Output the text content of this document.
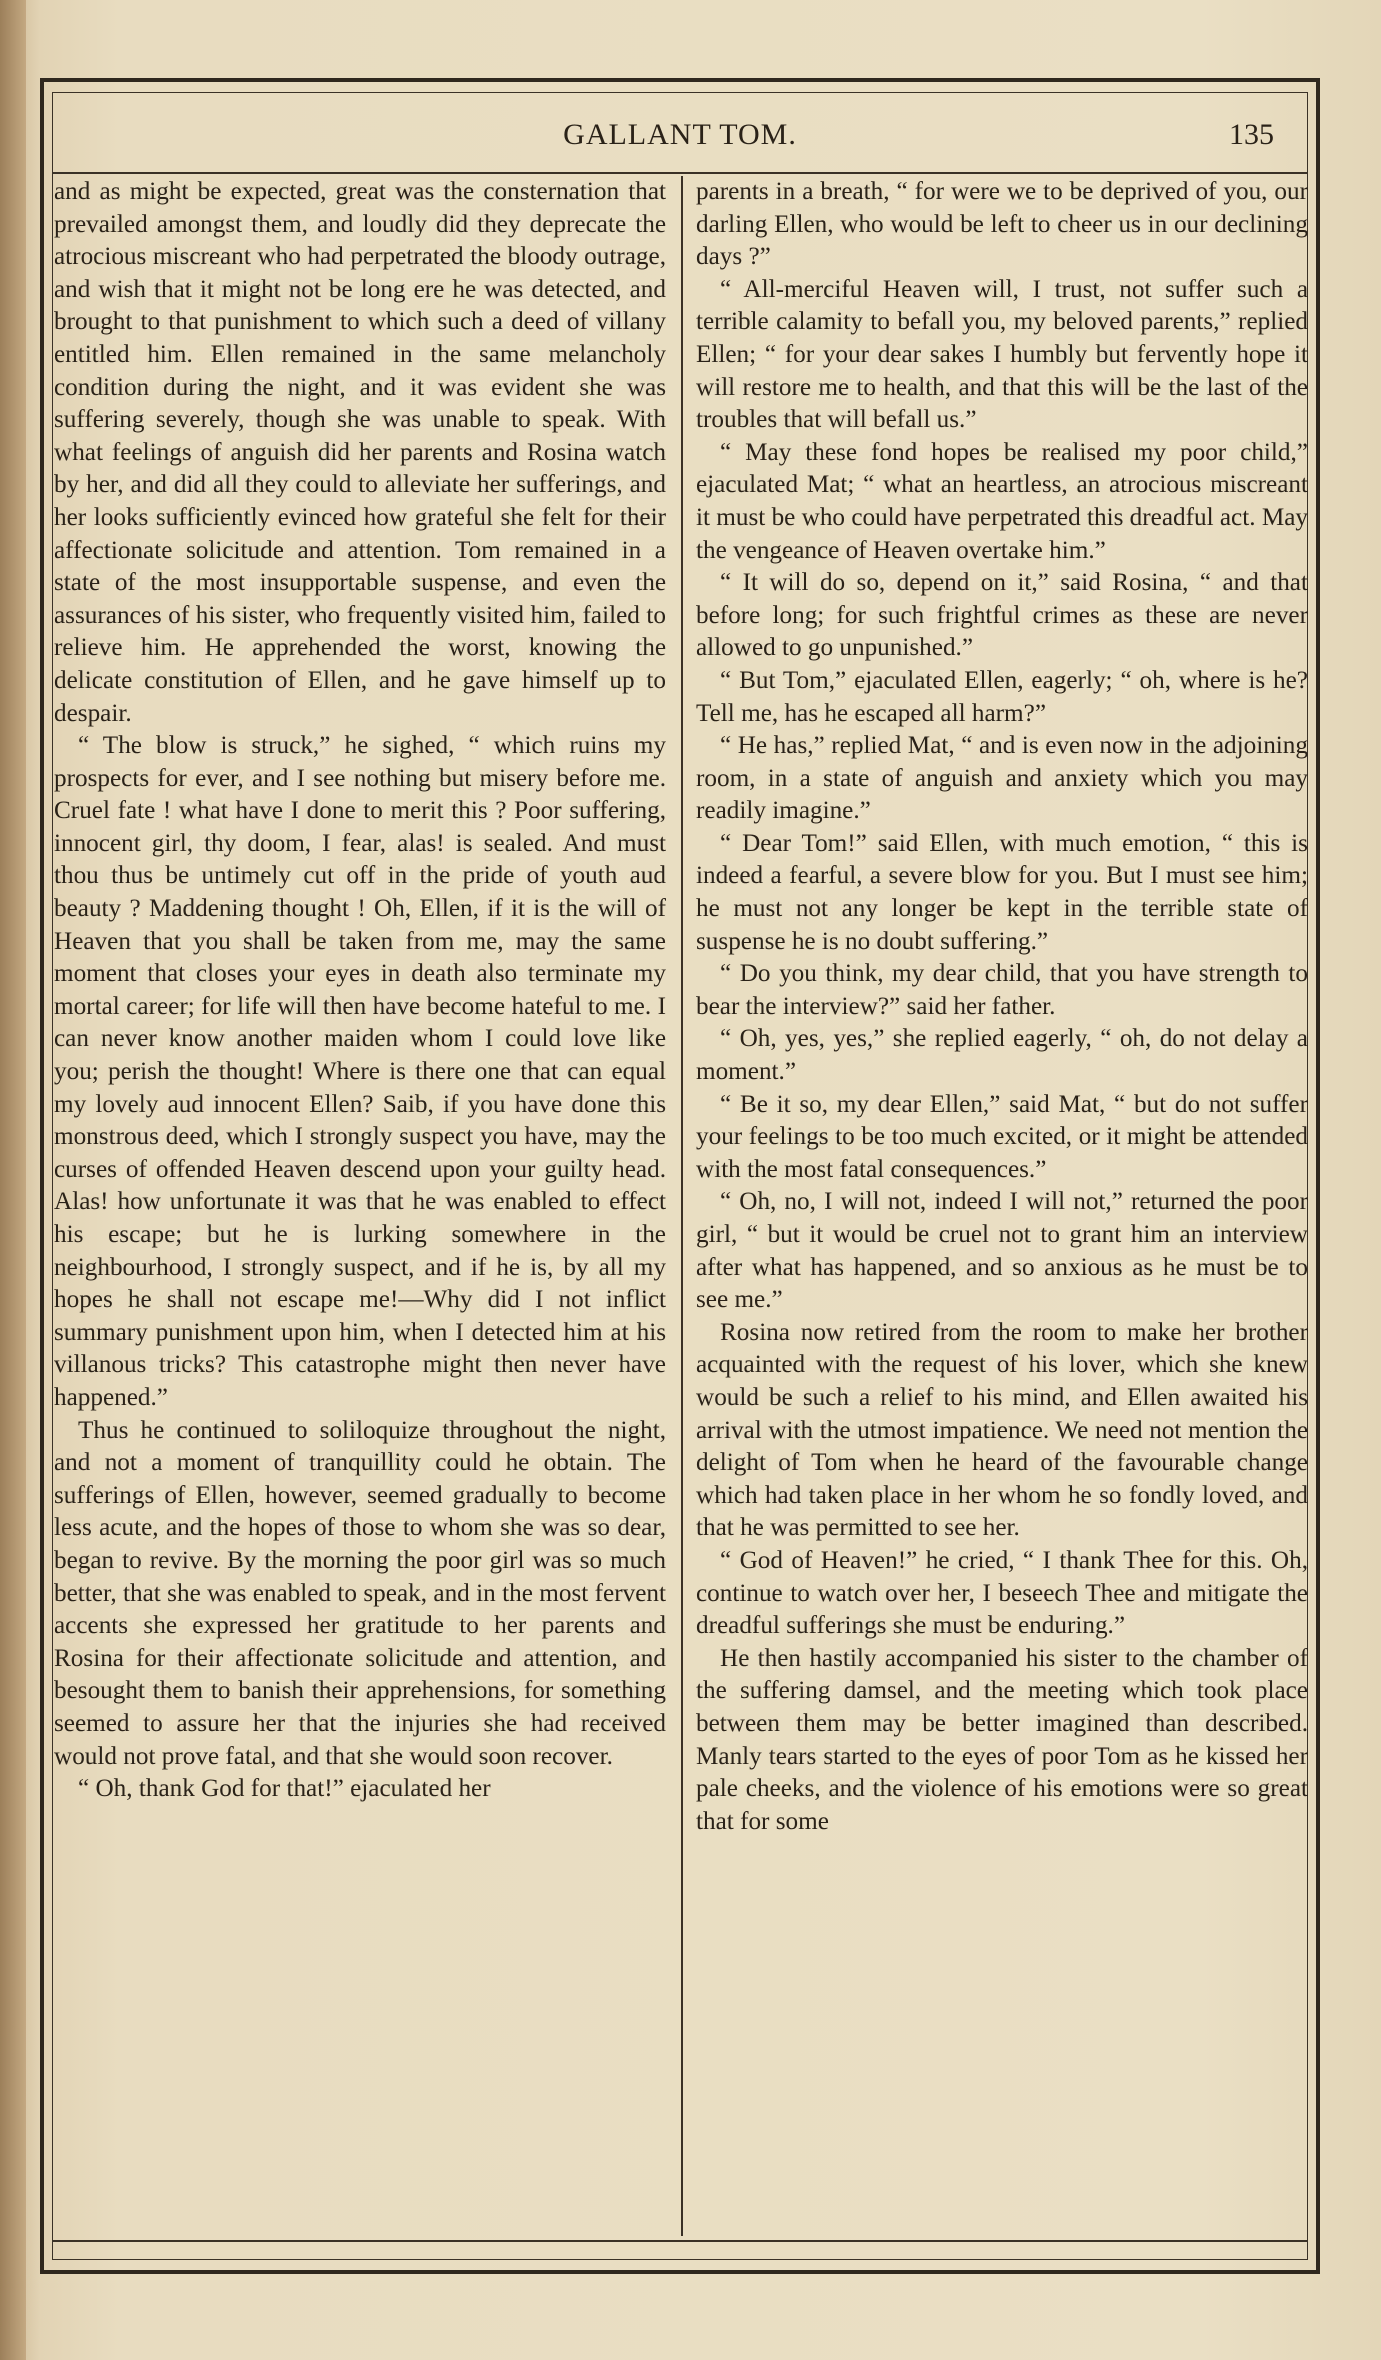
GALLANT TOM.	135

and as might be expected, great was the consternation that prevailed amongst them, and loudly did they deprecate the atrocious miscreant who had perpetrated the bloody outrage, and wish that it might not be long ere he was detected, and brought to that punishment to which such a deed of villany entitled him. Ellen remained in the same melancholy condition during the night, and it was evident she was suffering severely, though she was unable to speak. With what feelings of anguish did her parents and Rosina watch by her, and did all they could to alleviate her sufferings, and her looks sufficiently evinced how grateful she felt for their affectionate solicitude and attention. Tom remained in a state of the most insupportable suspense, and even the assurances of his sister, who frequently visited him, failed to relieve him. He apprehended the worst, knowing the delicate constitution of Ellen, and he gave himself up to despair.

“ The blow is struck,” he sighed, “ which ruins my prospects for ever, and I see nothing but misery before me. Cruel fate ! what have I done to merit this ? Poor suffering, innocent girl, thy doom, I fear, alas! is sealed. And must thou thus be untimely cut off in the pride of youth aud beauty ? Maddening thought ! Oh, Ellen, if it is the will of Heaven that you shall be taken from me, may the same moment that closes your eyes in death also terminate my mortal career; for life will then have become hateful to me. I can never know another maiden whom I could love like you; perish the thought! Where is there one that can equal my lovely aud innocent Ellen? Saib, if you have done this monstrous deed, which I strongly suspect you have, may the curses of offended Heaven descend upon your guilty head. Alas! how unfortunate it was that he was enabled to effect his escape; but he is lurking somewhere in the neighbourhood, I strongly suspect, and if he is, by all my hopes he shall not escape me!—Why did I not inflict summary punishment upon him, when I detected him at his villanous tricks? This catastrophe might then never have happened.”

Thus he continued to soliloquize throughout the night, and not a moment of tranquillity could he obtain. The sufferings of Ellen, however, seemed gradually to become less acute, and the hopes of those to whom she was so dear, began to revive. By the morning the poor girl was so much better, that she was enabled to speak, and in the most fervent accents she expressed her gratitude to her parents and Rosina for their affectionate solicitude and attention, and besought them to banish their apprehensions, for something seemed to assure her that the injuries she had received would not prove fatal, and that she would soon recover.

“ Oh, thank God for that!” ejaculated her

parents in a breath, “ for were we to be deprived of you, our darling Ellen, who would be left to cheer us in our declining days ?”

“ All-merciful Heaven will, I trust, not suffer such a terrible calamity to befall you, my beloved parents,” replied Ellen; “ for your dear sakes I humbly but fervently hope it will restore me to health, and that this will be the last of the troubles that will befall us.”

“ May these fond hopes be realised my poor child,” ejaculated Mat; “ what an heartless, an atrocious miscreant it must be who could have perpetrated this dreadful act. May the vengeance of Heaven overtake him.”

“ It will do so, depend on it,” said Rosina, “ and that before long; for such frightful crimes as these are never allowed to go unpunished.”

“ But Tom,” ejaculated Ellen, eagerly; “ oh, where is he? Tell me, has he escaped all harm?”

“ He has,” replied Mat, “ and is even now in the adjoining room, in a state of anguish and anxiety which you may readily imagine.”

“ Dear Tom!” said Ellen, with much emotion, “ this is indeed a fearful, a severe blow for you. But I must see him; he must not any longer be kept in the terrible state of suspense he is no doubt suffering.”

“ Do you think, my dear child, that you have strength to bear the interview?” said her father.

“ Oh, yes, yes,” she replied eagerly, “ oh, do not delay a moment.”

“ Be it so, my dear Ellen,” said Mat, “ but do not suffer your feelings to be too much excited, or it might be attended with the most fatal consequences.”

“ Oh, no, I will not, indeed I will not,” returned the poor girl, “ but it would be cruel not to grant him an interview after what has happened, and so anxious as he must be to see me.”

Rosina now retired from the room to make her brother acquainted with the request of his lover, which she knew would be such a relief to his mind, and Ellen awaited his arrival with the utmost impatience. We need not mention the delight of Tom when he heard of the favourable change which had taken place in her whom he so fondly loved, and that he was permitted to see her.

“ God of Heaven!” he cried, “ I thank Thee for this. Oh, continue to watch over her, I beseech Thee and mitigate the dreadful sufferings she must be enduring.”

He then hastily accompanied his sister to the chamber of the suffering damsel, and the meeting which took place between them may be better imagined than described. Manly tears started to the eyes of poor Tom as he kissed her pale cheeks, and the violence of his emotions were so great that for some
